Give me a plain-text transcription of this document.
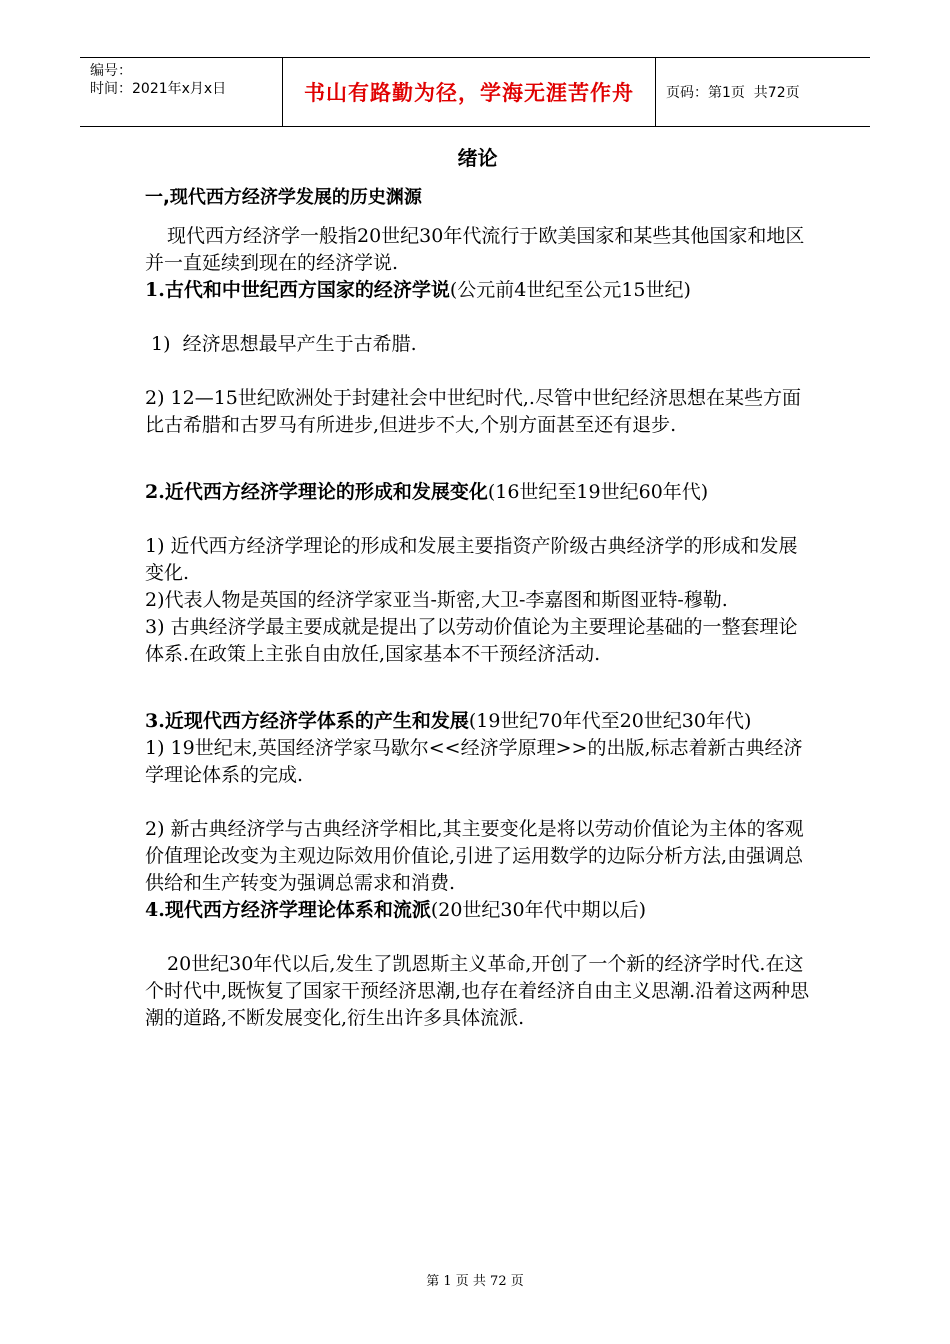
编号：
时间：2021年x月x日	书山有路勤为径，学海无涯苦作舟 页码：第1页  共72页
绪论
一,现代西方经济学发展的历史渊源

现代西方经济学一般指20世纪30年代流行于欧美国家和某些其他国家和地区并一直延续到现在的经济学说.

1.古代和中世纪西方国家的经济学说(公元前4世纪至公元15世纪)

1)  经济思想最早产生于古希腊.

2) 12—15世纪欧洲处于封建社会中世纪时代,.尽管中世纪经济思想在某些方面比古希腊和古罗马有所进步,但进步不大,个别方面甚至还有退步.

2.近代西方经济学理论的形成和发展变化(16世纪至19世纪60年代)

1) 近代西方经济学理论的形成和发展主要指资产阶级古典经济学的形成和发展变化.

2)代表人物是英国的经济学家亚当-斯密,大卫-李嘉图和斯图亚特-穆勒.

3) 古典经济学最主要成就是提出了以劳动价值论为主要理论基础的一整套理论体系.在政策上主张自由放任,国家基本不干预经济活动.

3.近现代西方经济学体系的产生和发展(19世纪70年代至20世纪30年代)

1) 19世纪末,英国经济学家马歇尔<<经济学原理>>的出版,标志着新古典经济学理论体系的完成.

2) 新古典经济学与古典经济学相比,其主要变化是将以劳动价值论为主体的客观价值理论改变为主观边际效用价值论,引进了运用数学的边际分析方法,由强调总供给和生产转变为强调总需求和消费.

4.现代西方经济学理论体系和流派(20世纪30年代中期以后)

20世纪30年代以后,发生了凯恩斯主义革命,开创了一个新的经济学时代.在这个时代中,既恢复了国家干预经济思潮,也存在着经济自由主义思潮.沿着这两种思潮的道路,不断发展变化,衍生出许多具体流派.

第 1 页 共 72 页
